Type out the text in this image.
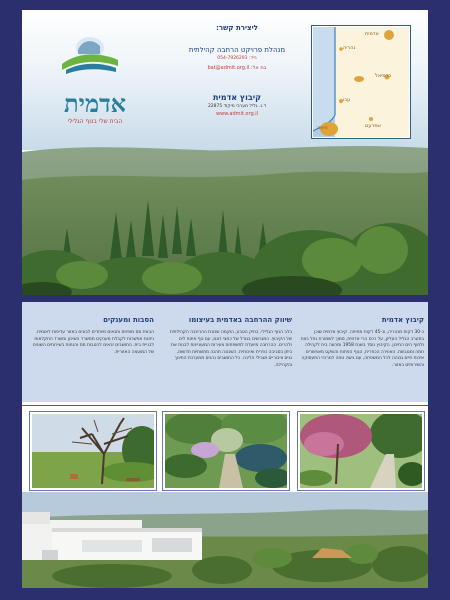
אדמית
הבית שלי בנוף הגלילי
ליצירת קשר:
מנהלת פרויקט הרחבה קהילתית
נייד: 054-7926293
בת אל: bat@admit.org.il
קיבוץ אדמית
ד.נ. גליל מערבי מיקוד 22875
www.admit.org.il
אדמית
נהריה
כרמיאל
עכו
חיפה	שפרעם
קיבוץ אדמית

כ-30 דקות מנהריה, וכ-45 דקות מחיפה. קיבוץ אדמית שוכן במערב הגליל העליון, על רכס הרי אדמית, סמוך לשמורת נחל בצת ולחוף הים התיכון. הקיבוץ נוסד בשנת 1958 ומהווה בית לקהילה חמה ומגובשת. האווירה הכפרית, הנוף הפתוח והשקט מאפשרים איכות חיים גבוהה לכל המשפחה, עם גישה נוחה למרכזי התעסוקה והשירותים באזור.

שיווק ההרחבה באדמית בעיצומו

בלב הנוף הגלילי, בחיק הטבע, הוקמה שכונת ההרחבה הקהילתית של הקיבוץ. המגרשים בגודל של כחצי דונם, עם נוף פתוח לים ולהרים. ההרחבה מיועדת למשפחות צעירות המעוניינות לבנות את ביתן בסביבה כפרית ואיכותית. השכונה תהנה מתשתיות חדשות, גנים ציבוריים ושבילי הליכה. כל התושבים נהנים ממערכת החינוך והקהילה.

הסבות ומענקים

הבאת מס מופחת ותנאים מיוחדים לבונים באזור עדיפות לאומית. ניתנת אפשרות לקבלת מענקים ממשרד השיכון ומשרד החקלאות לבניית בית. התושבים זכאים להטבות מס והנחות בשירותים השונים של המועצה האזורית.
